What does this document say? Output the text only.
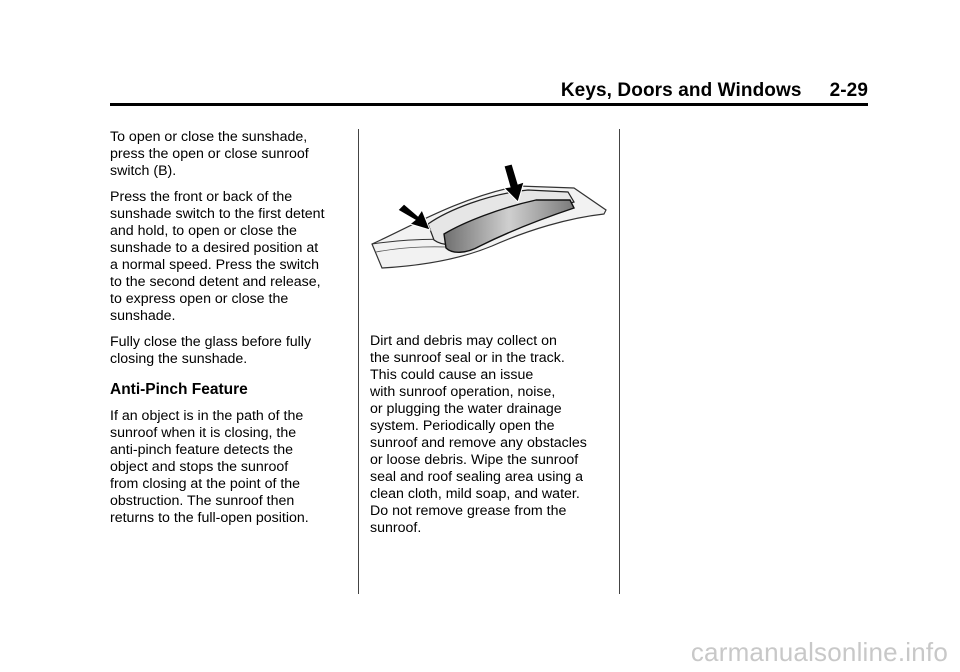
Keys, Doors and Windows 2-29

To open or close the sunshade,
press the open or close sunroof
switch (B).

Press the front or back of the
sunshade switch to the first detent
and hold, to open or close the
sunshade to a desired position at
a normal speed. Press the switch
to the second detent and release,
to express open or close the
sunshade.

Fully close the glass before fully
closing the sunshade.

Anti-Pinch Feature

If an object is in the path of the
sunroof when it is closing, the
anti-pinch feature detects the
object and stops the sunroof
from closing at the point of the
obstruction. The sunroof then
returns to the full-open position.

Dirt and debris may collect on
the sunroof seal or in the track.
This could cause an issue
with sunroof operation, noise,
or plugging the water drainage
system. Periodically open the
sunroof and remove any obstacles
or loose debris. Wipe the sunroof
seal and roof sealing area using a
clean cloth, mild soap, and water.
Do not remove grease from the
sunroof.

carmanualsonline.info
